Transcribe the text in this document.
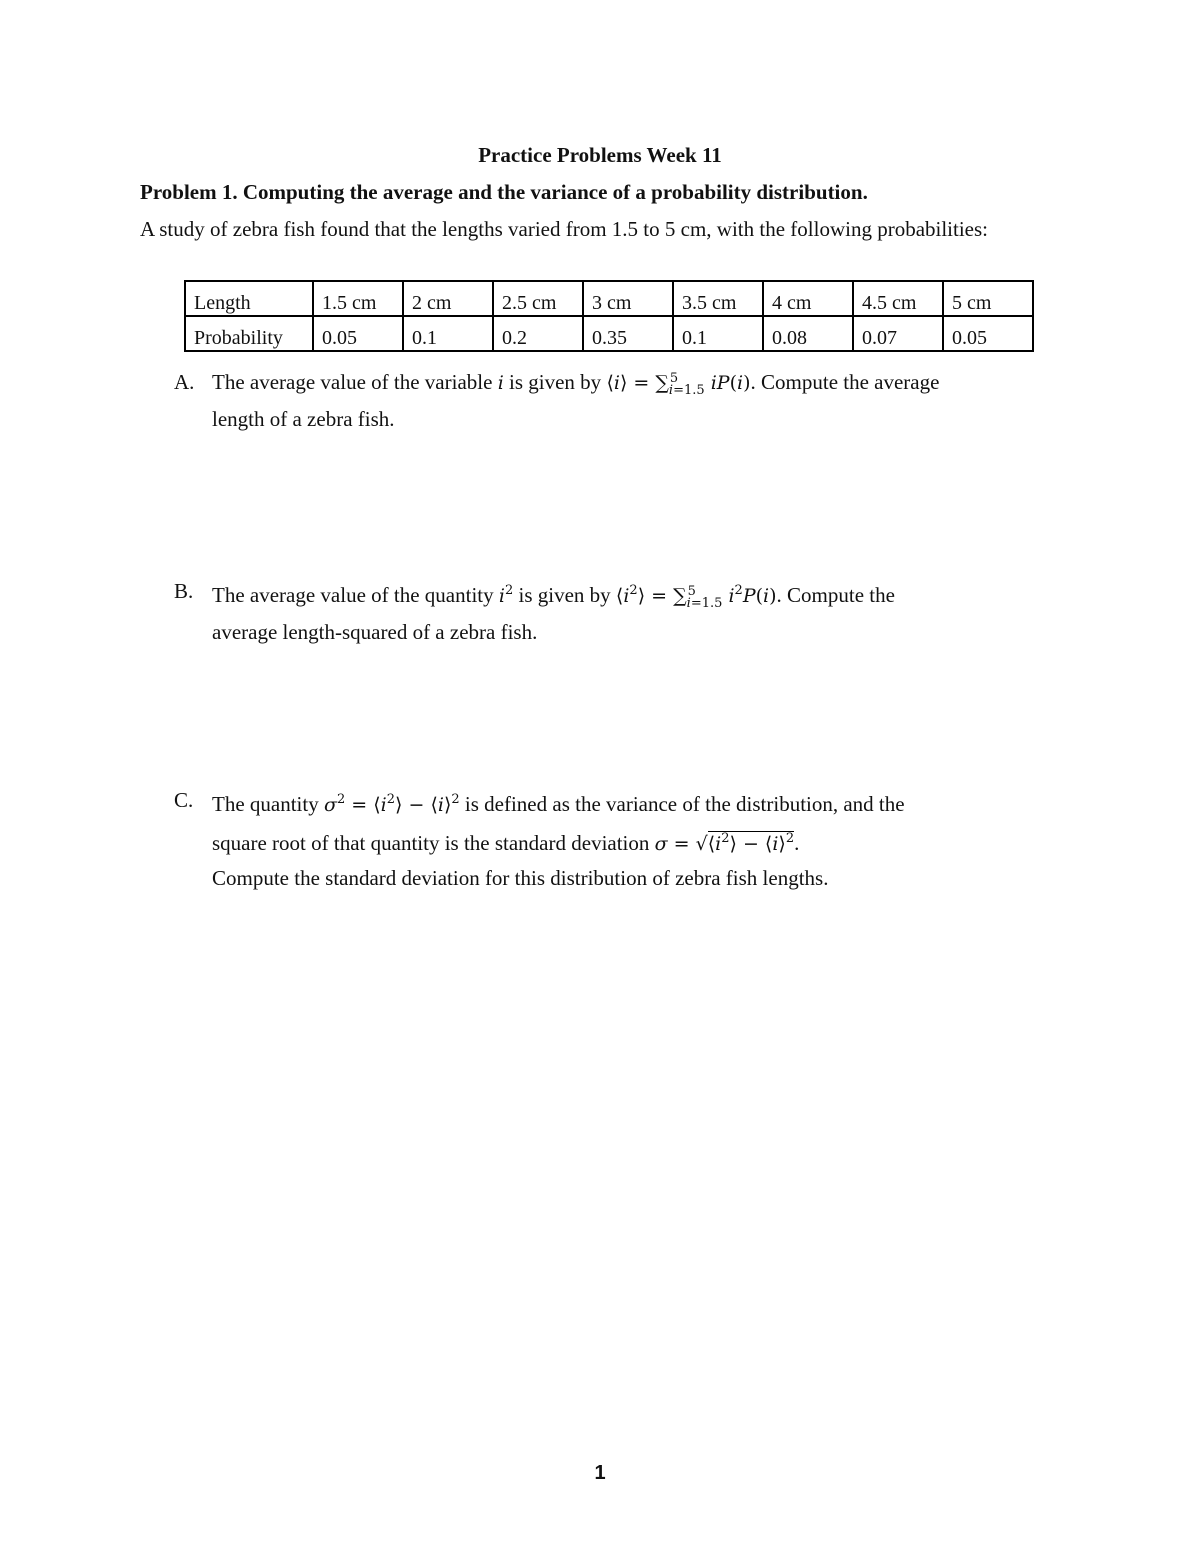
Practice Problems Week 11
Problem 1. Computing the average and the variance of a probability distribution.
A study of zebra fish found that the lengths varied from 1.5 to 5 cm, with the following probabilities:
Length	1.5 cm	2 cm	2.5 cm	3 cm	3.5 cm	4 cm	4.5 cm	5 cm
Probability	0.05	0.1	0.2	0.35	0.1	0.08	0.07	0.05
A. The average value of the variable i is given by ⟨i⟩ = ∑ 5
$_{i=1.5}$ iP(i). Compute the average
length of a zebra fish.
B. The average value of the quantity $i^2$ is given by $⟨i^2⟩$ = ∑ 5
$_{i=1.5}$ $i^2P(i)$. Compute the
average length-squared of a zebra fish.
C. The quantity $\sigma^2$ = $⟨i^2⟩$ − ⟨i⟩$^2$ is defined as the variance of the distribution, and the
square root of that quantity is the standard deviation $\sigma = √⟨i^2⟩$ − ⟨i⟩$^2$.
Compute the standard deviation for this distribution of zebra fish lengths.
1
